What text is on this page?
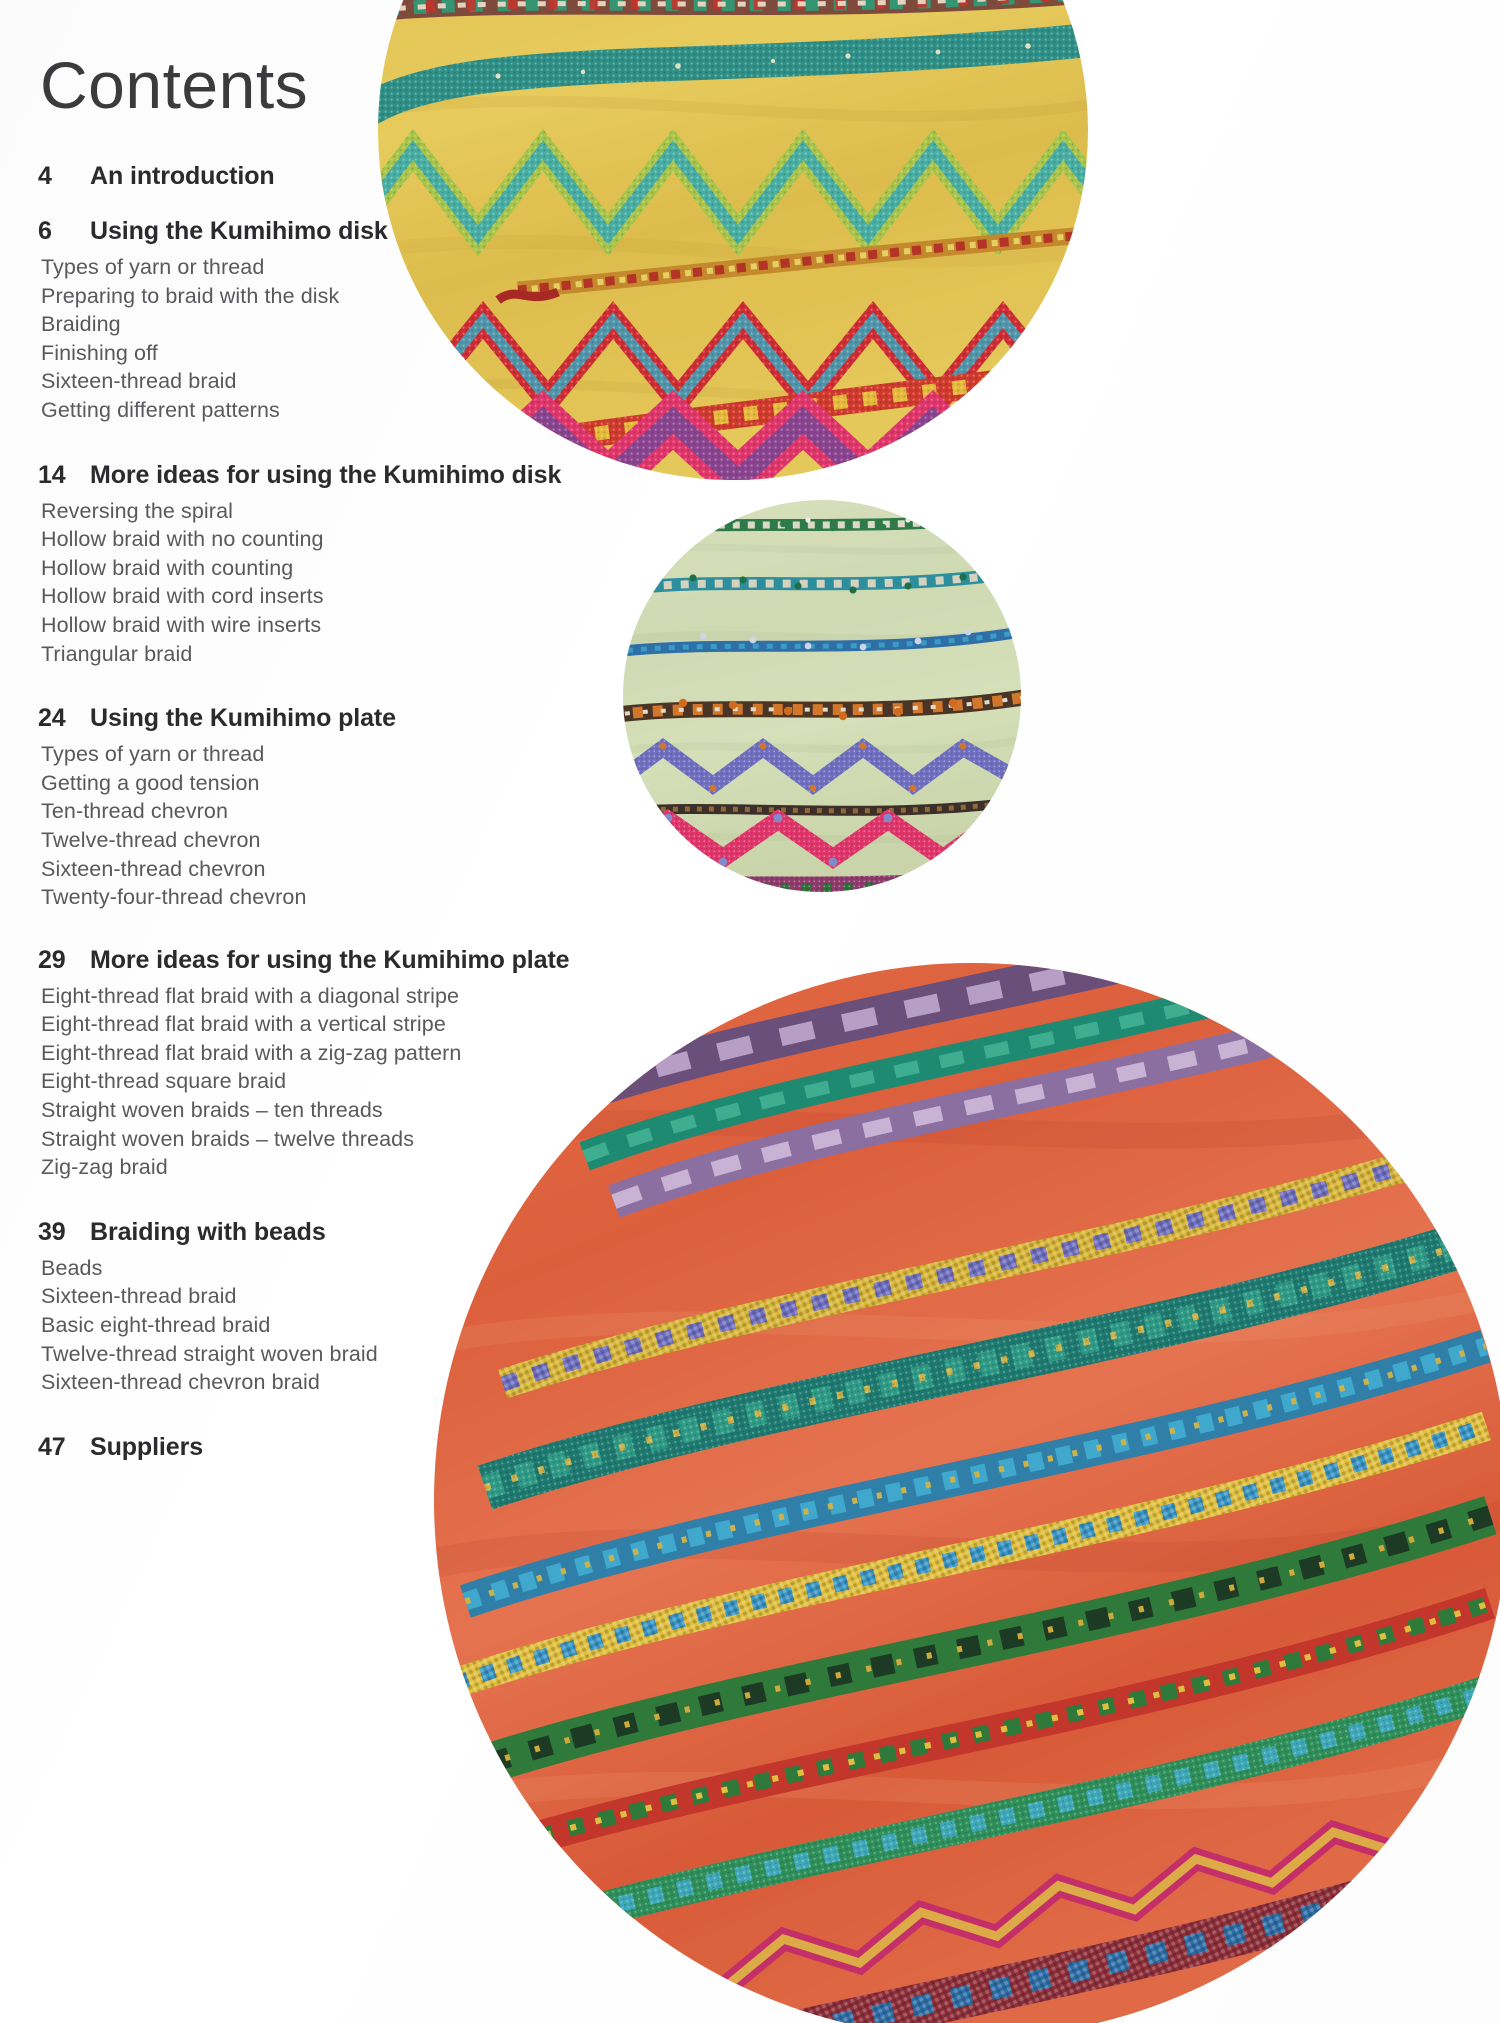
Contents
4	An introduction
6	Using the Kumihimo disk
Types of yarn or thread
Preparing to braid with the disk
Braiding
Finishing off
Sixteen-thread braid
Getting different patterns
14 More ideas for using the Kumihimo disk
Reversing the spiral
Hollow braid with no counting
Hollow braid with counting
Hollow braid with cord inserts
Hollow braid with wire inserts
Triangular braid
24 Using the Kumihimo plate
Types of yarn or thread
Getting a good tension
Ten-thread chevron
Twelve-thread chevron
Sixteen-thread chevron
Twenty-four-thread chevron
29 More ideas for using the Kumihimo plate
Eight-thread flat braid with a diagonal stripe
Eight-thread flat braid with a vertical stripe
Eight-thread flat braid with a zig-zag pattern
Eight-thread square braid
Straight woven braids – ten threads
Straight woven braids – twelve threads
Zig-zag braid
39 Braiding with beads
Beads
Sixteen-thread braid
Basic eight-thread braid
Twelve-thread straight woven braid
Sixteen-thread chevron braid
47 Suppliers
